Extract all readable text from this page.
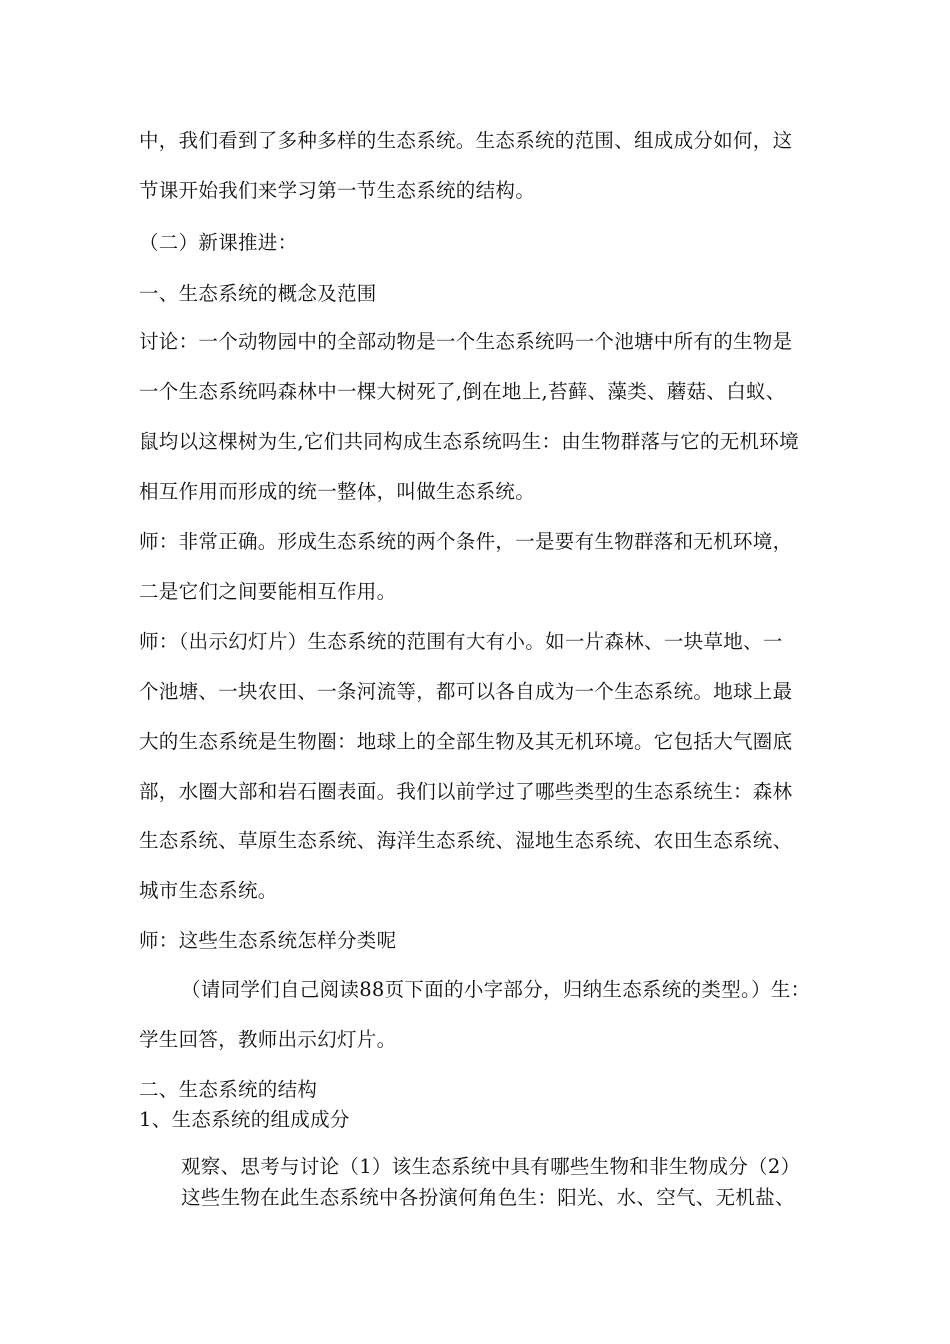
中，我们看到了多种多样的生态系统。生态系统的范围、组成成分如何，这
节课开始我们来学习第一节生态系统的结构。
（二）新课推进：
一、生态系统的概念及范围
讨论：一个动物园中的全部动物是一个生态系统吗一个池塘中所有的生物是
一个生态系统吗森林中一棵大树死了,倒在地上,苔藓、藻类、蘑菇、白蚁、
鼠均以这棵树为生,它们共同构成生态系统吗生：由生物群落与它的无机环境
相互作用而形成的统一整体，叫做生态系统。
师：非常正确。形成生态系统的两个条件，一是要有生物群落和无机环境，
二是它们之间要能相互作用。
师：（出示幻灯片）生态系统的范围有大有小。如一片森林、一块草地、一
个池塘、一块农田、一条河流等，都可以各自成为一个生态系统。地球上最
大的生态系统是生物圈：地球上的全部生物及其无机环境。它包括大气圈底
部，水圈大部和岩石圈表面。我们以前学过了哪些类型的生态系统生：森林
生态系统、草原生态系统、海洋生态系统、湿地生态系统、农田生态系统、
城市生态系统。
师：这些生态系统怎样分类呢
（请同学们自己阅读88页下面的小字部分，归纳生态系统的类型。）生：
学生回答，教师出示幻灯片。
二、生态系统的结构
1、生态系统的组成成分
观察、思考与讨论（1）该生态系统中具有哪些生物和非生物成分（2）
这些生物在此生态系统中各扮演何角色生：阳光、水、空气、无机盐、
